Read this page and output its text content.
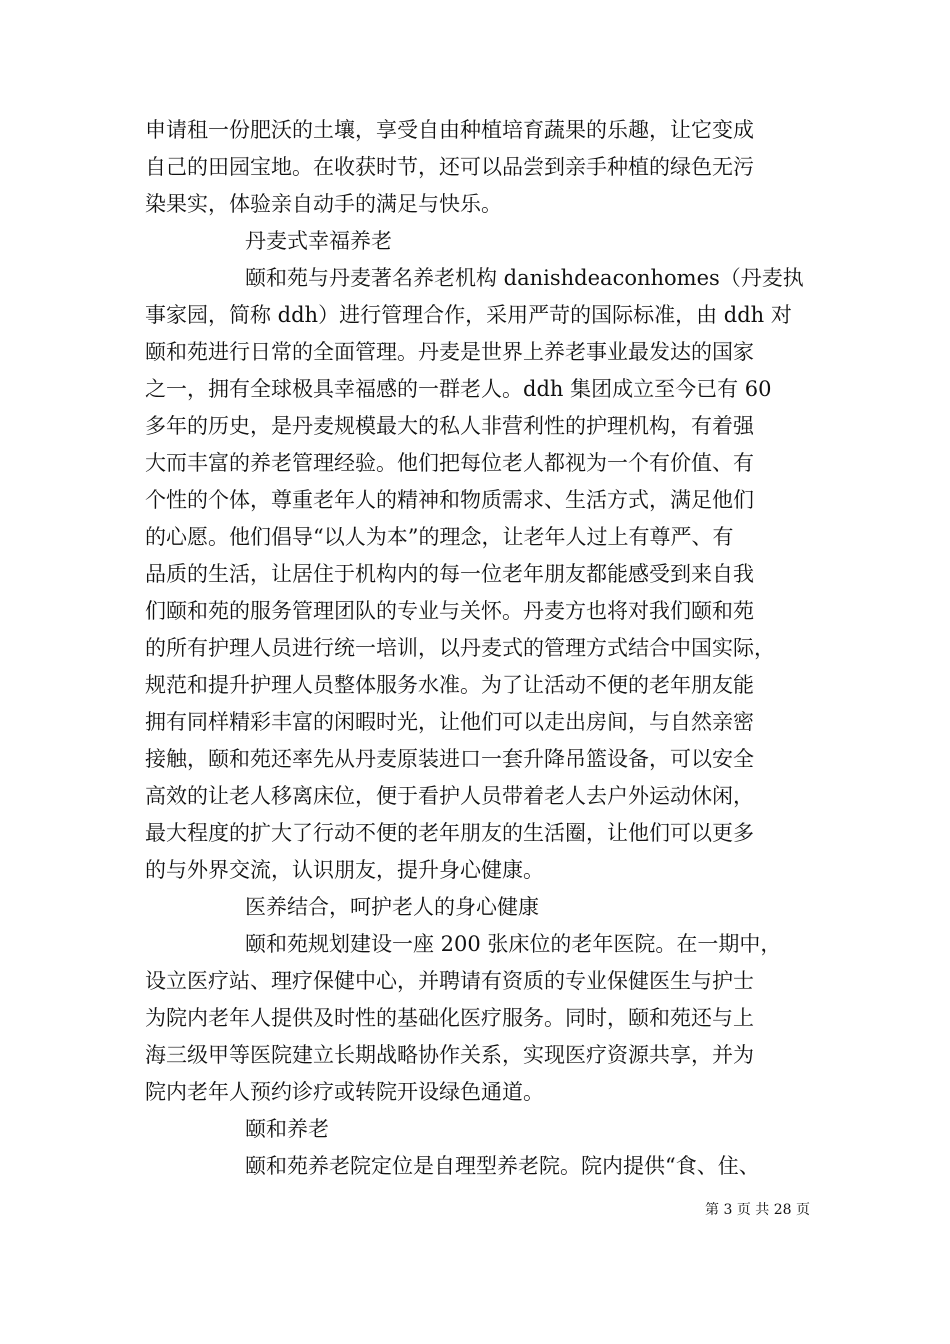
申请租一份肥沃的土壤，享受自由种植培育蔬果的乐趣，让它变成
自己的田园宝地。在收获时节，还可以品尝到亲手种植的绿色无污
染果实，体验亲自动手的满足与快乐。
丹麦式幸福养老
颐和苑与丹麦著名养老机构 danishdeaconhomes（丹麦执
事家园，简称 ddh）进行管理合作，采用严苛的国际标准，由 ddh 对
颐和苑进行日常的全面管理。丹麦是世界上养老事业最发达的国家
之一，拥有全球极具幸福感的一群老人。ddh 集团成立至今已有 60
多年的历史，是丹麦规模最大的私人非营利性的护理机构，有着强
大而丰富的养老管理经验。他们把每位老人都视为一个有价值、有
个性的个体，尊重老年人的精神和物质需求、生活方式，满足他们
的心愿。他们倡导“以人为本”的理念，让老年人过上有尊严、有
品质的生活，让居住于机构内的每一位老年朋友都能感受到来自我
们颐和苑的服务管理团队的专业与关怀。丹麦方也将对我们颐和苑
的所有护理人员进行统一培训，以丹麦式的管理方式结合中国实际，
规范和提升护理人员整体服务水准。为了让活动不便的老年朋友能
拥有同样精彩丰富的闲暇时光，让他们可以走出房间，与自然亲密
接触，颐和苑还率先从丹麦原装进口一套升降吊篮设备，可以安全
高效的让老人移离床位，便于看护人员带着老人去户外运动休闲，
最大程度的扩大了行动不便的老年朋友的生活圈，让他们可以更多
的与外界交流，认识朋友，提升身心健康。
医养结合，呵护老人的身心健康
颐和苑规划建设一座 200 张床位的老年医院。在一期中，
设立医疗站、理疗保健中心，并聘请有资质的专业保健医生与护士
为院内老年人提供及时性的基础化医疗服务。同时，颐和苑还与上
海三级甲等医院建立长期战略协作关系，实现医疗资源共享，并为
院内老年人预约诊疗或转院开设绿色通道。
颐和养老
颐和苑养老院定位是自理型养老院。院内提供“食、住、
第 3 页 共 28 页
